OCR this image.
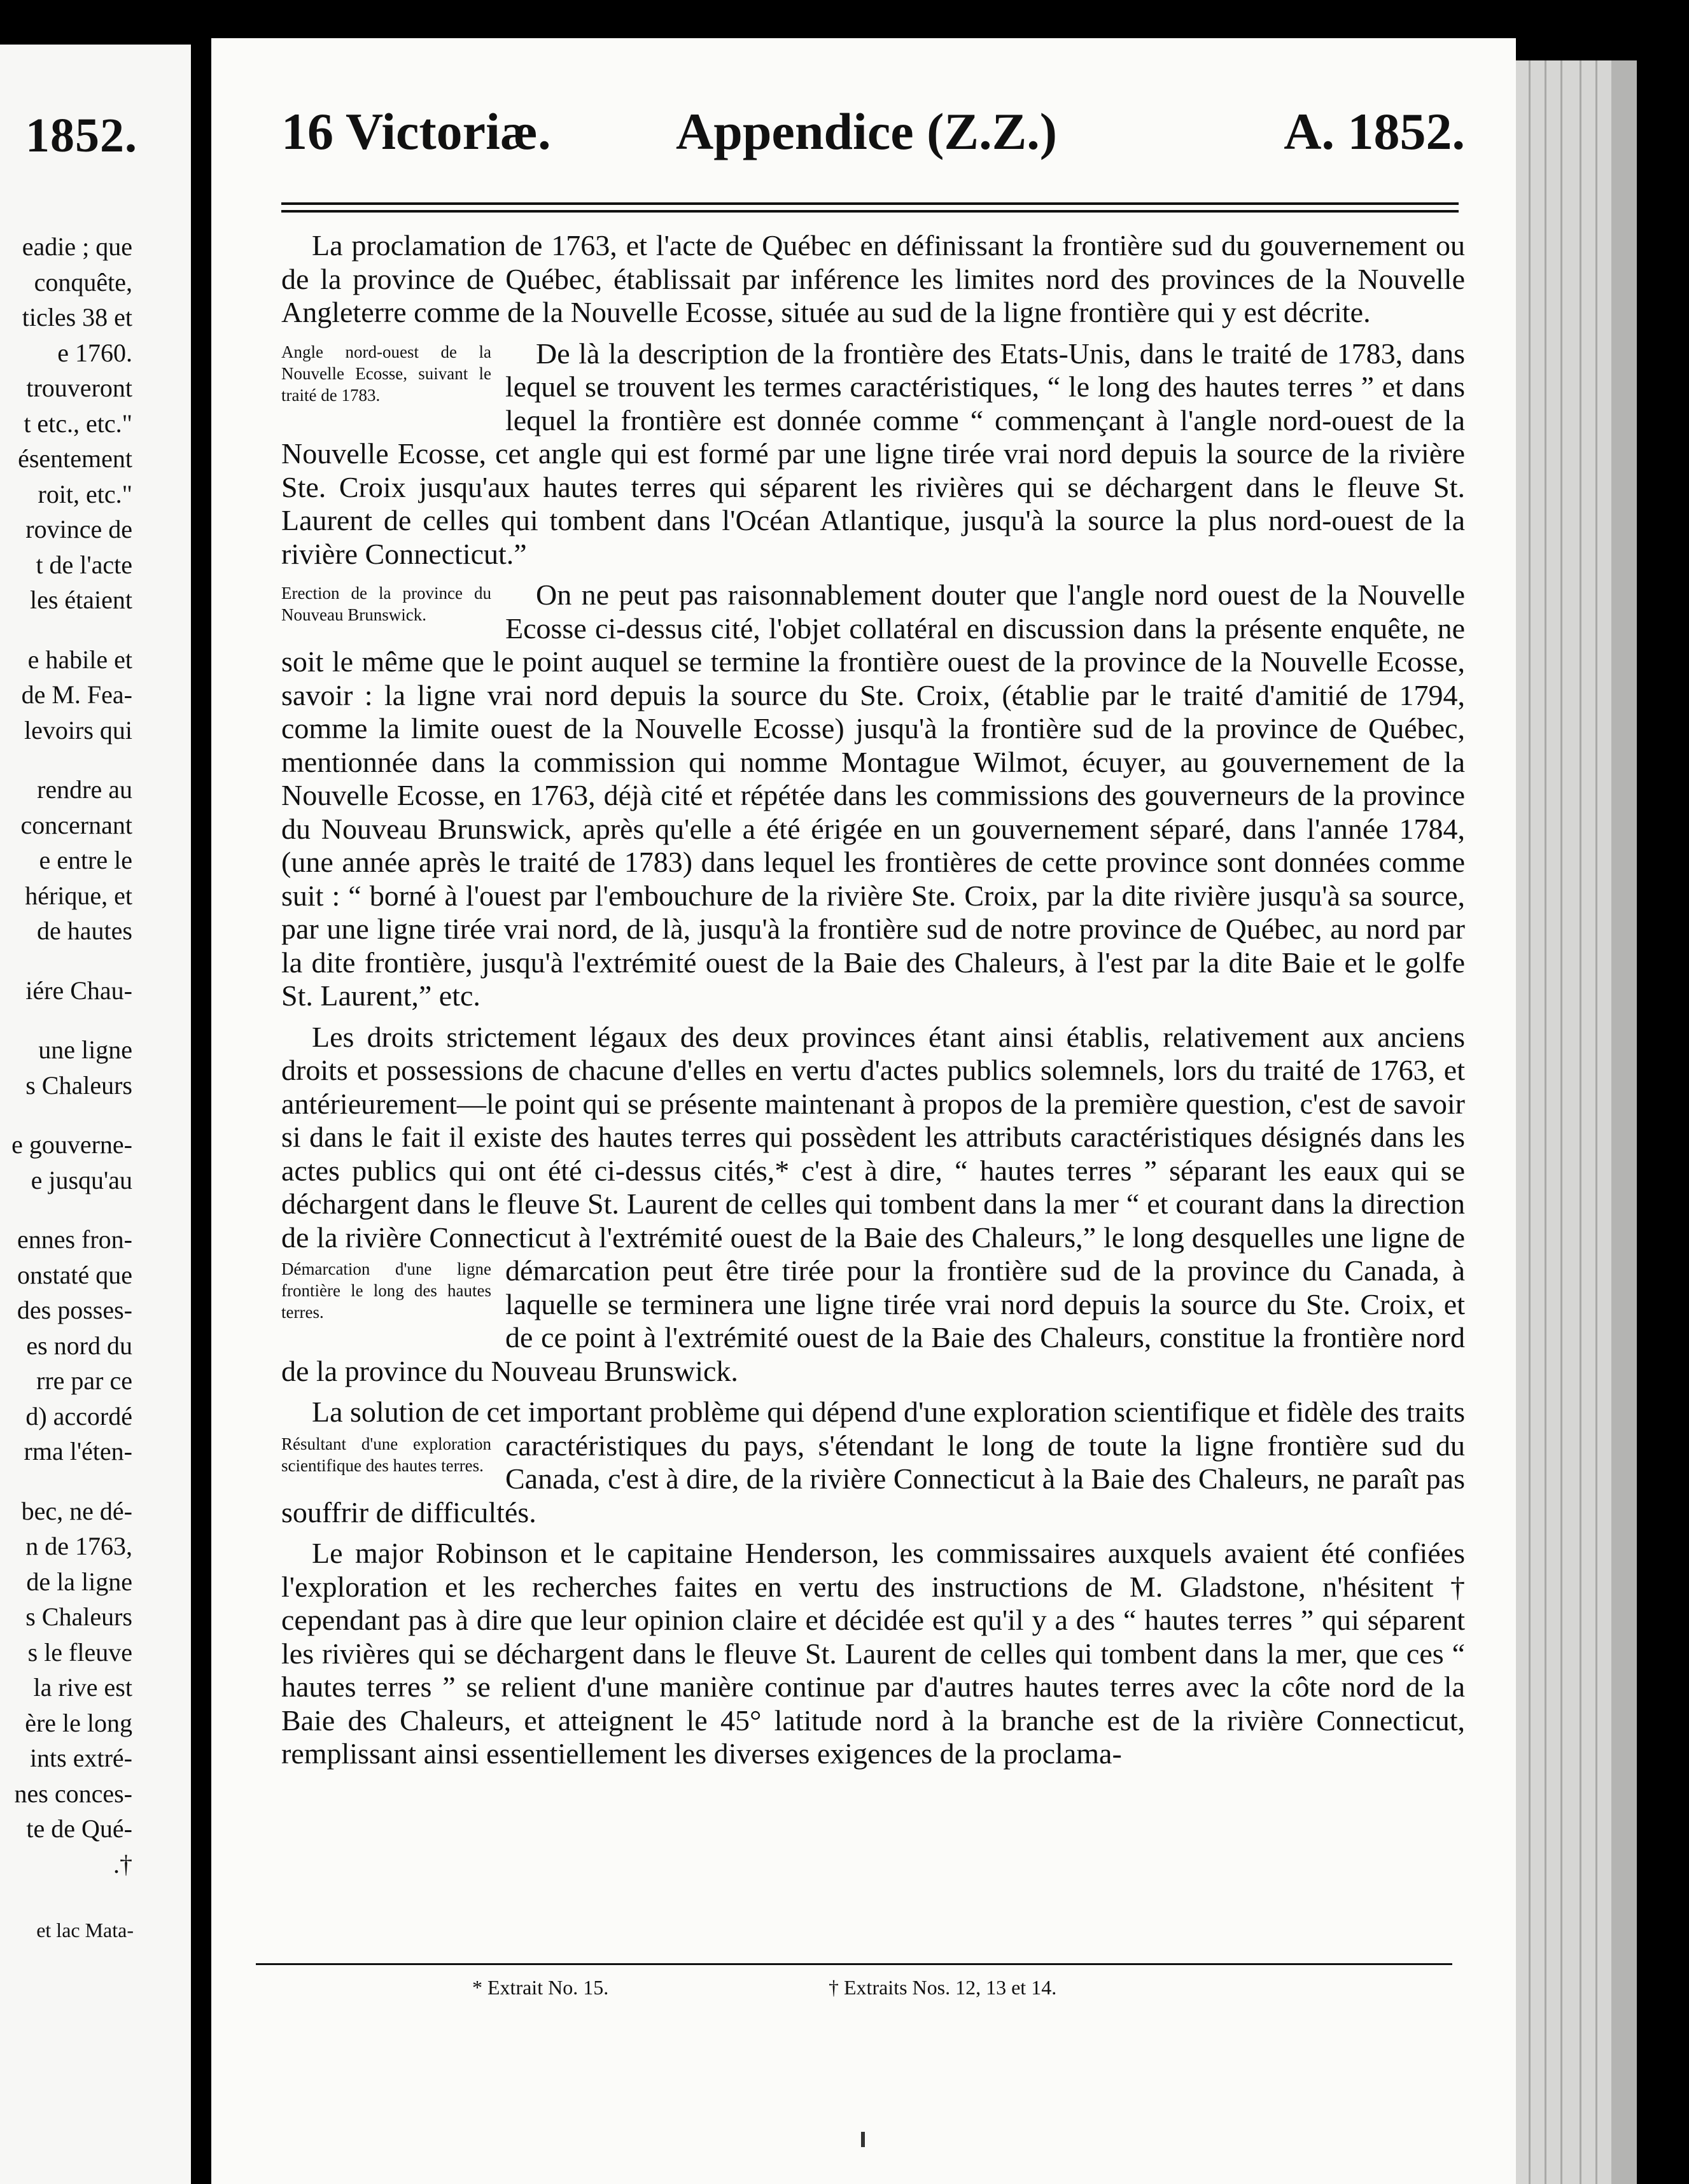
1852.
eadie ; que
conquête,
ticles 38 et
e 1760.
trouveront
t etc., etc."
ésentement
roit, etc."
rovince de
t de l'acte
les étaient
e habile et
de M. Fea-
levoirs qui
rendre au
concernant
e entre le
hérique, et
de hautes
iére Chau-
une ligne
s Chaleurs
e gouverne-
e jusqu'au
ennes fron-
onstaté que
des posses-
es nord du
rre par ce
d) accordé
rma l'éten-
bec, ne dé-
n de 1763,
de la ligne
s Chaleurs
s le fleuve
la rive est
ère le long
ints extré-
nes conces-
te de Qué-
.†
et lac Mata-
16 Victoriæ. Appendice (Z.Z.)	A. 1852.

La proclamation de 1763, et l'acte de Québec en définissant la frontière sud du gouvernement ou de la province de Québec, établissait par inférence les limites nord des provinces de la Nouvelle Angleterre comme de la Nouvelle Ecosse, située au sud de la ligne frontière qui y est décrite.

De là la description de la frontière des Etats-Unis, dans le traité de 1783, dans
Angle nord-ouest de la Nouvelle Ecosse, suivant le traité de 1783.	lequel se trouvent les termes caractéristiques, “ le long des hautes terres ” et dans lequel la frontière est donnée comme “ commençant à l'angle nord-ouest de la Nouvelle Ecosse, cet angle qui est formé par une ligne tirée vrai nord depuis la source de la rivière Ste. Croix jusqu'aux hautes terres qui séparent les rivières qui se déchargent dans le fleuve St. Laurent de celles qui tombent dans l'Océan Atlantique, jusqu'à la source la plus nord-ouest de la rivière Connecticut.”

On ne peut pas raisonnablement douter que l'angle nord ouest de la Nouvelle
Erection de la province du Nouveau Brunswick.	Ecosse ci-dessus cité, l'objet collatéral en discussion dans la présente enquête, ne soit le même que le point auquel se termine la frontière ouest de la province de la Nouvelle Ecosse, savoir : la ligne vrai nord depuis la source du Ste. Croix, (établie par le traité d'amitié de 1794, comme la limite ouest de la Nouvelle Ecosse) jusqu'à la frontière sud de la province de Québec, mentionnée dans la commission qui nomme Montague Wilmot, écuyer, au gouvernement de la Nouvelle Ecosse, en 1763, déjà cité et répétée dans les commissions des gouverneurs de la province du Nouveau Brunswick, après qu'elle a été érigée en un gouvernement séparé, dans l'année 1784, (une année après le traité de 1783) dans lequel les frontières de cette province sont données comme suit : “ borné à l'ouest par l'embouchure de la rivière Ste. Croix, par la dite rivière jusqu'à sa source, par une ligne tirée vrai nord, de là, jusqu'à la frontière sud de notre province de Québec, au nord par la dite frontière, jusqu'à l'extrémité ouest de la Baie des Chaleurs, à l'est par la dite Baie et le golfe St. Laurent,” etc.

Les droits strictement légaux des deux provinces étant ainsi établis, relativement aux anciens droits et possessions de chacune d'elles en vertu d'actes publics solemnels, lors du traité de 1763, et antérieurement—le point qui se présente maintenant à propos de la première question, c'est de savoir si dans le fait il existe des hautes terres qui possèdent les attributs caractéristiques désignés dans les actes publics qui ont été ci-dessus cités,* c'est à dire, “ hautes terres ” séparant les eaux qui se déchargent dans le fleuve St. Laurent de celles qui tombent dans la mer “ et courant dans la direction de la rivière Connecticut à l'extrémité ouest de la Baie des Chaleurs,” le long desquelles une ligne de démarcation peut être tirée pour la frontière sud de
Démarcation d'une ligne frontière le long des hautes terres.
la province du Canada, à laquelle se terminera une ligne tirée vrai nord depuis la source du Ste. Croix, et de ce point à l'extrémité ouest de la Baie des Chaleurs, constitue la frontière nord de la province du Nouveau Brunswick.

La solution de cet important problème qui dépend d'une exploration scientifique et
Résultant d'une exploration scientifique des hautes terres.
fidèle des traits caractéristiques du pays, s'étendant le long de toute la ligne frontière sud du Canada, c'est à dire, de la rivière Connecticut à la Baie des Chaleurs, ne paraît pas souffrir de difficultés.

Le major Robinson et le capitaine Henderson, les commissaires auxquels avaient été confiées l'exploration et les recherches faites en vertu des instructions de M. Gladstone, n'hésitent † cependant pas à dire que leur opinion claire et décidée est qu'il y a des “ hautes terres ” qui séparent les rivières qui se déchargent dans le fleuve St. Laurent de celles qui tombent dans la mer, que ces “ hautes terres ” se relient d'une manière continue par d'autres hautes terres avec la côte nord de la Baie des Chaleurs, et atteignent le 45° latitude nord à la branche est de la rivière Connecticut, remplissant ainsi essentiellement les diverses exigences de la proclama-

* Extrait No. 15.	† Extraits Nos. 12, 13 et 14.
